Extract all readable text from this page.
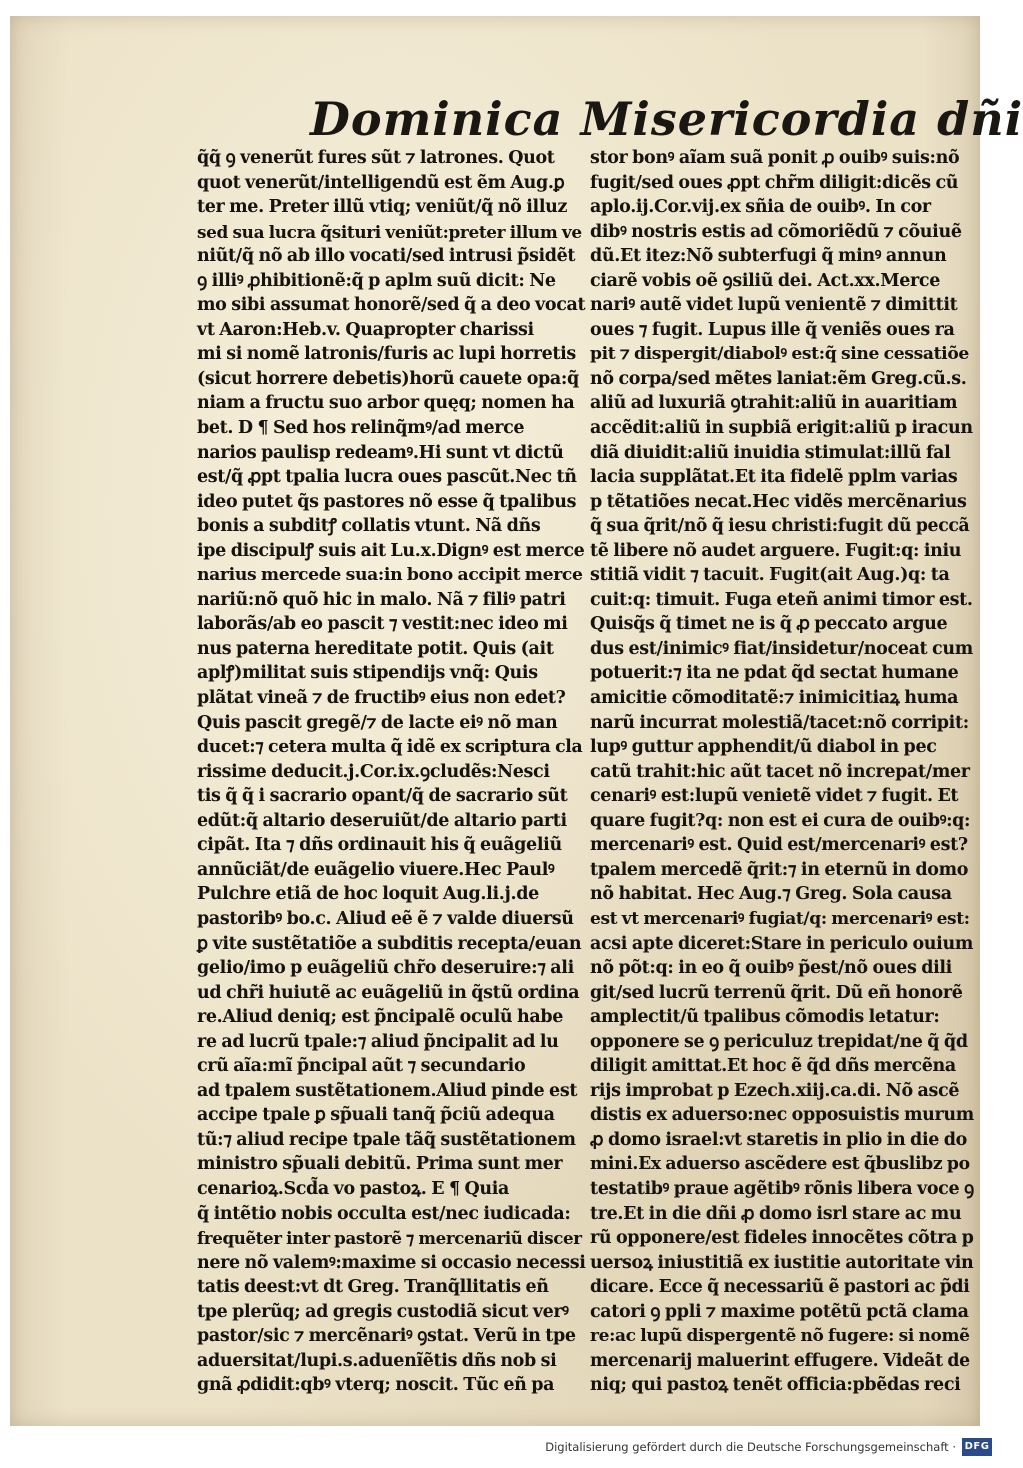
Dominica Misericordia dñi
q̃q̃ ꝯ venerũt fures sũt ⁊ latrones. Quot
quot venerũt/intelligendũ est ẽm Aug.ꝑ
ter me. Preter illũ vtiq; veniũt/q̃ nõ illuz
sed sua lucra q̃situri veniũt:preter illum ve
niũt/q̃ nõ ab illo vocati/sed intrusi p̃sidẽt
ꝯ illiꝰ ꝓhibitionẽ:q̃ p aplm suũ dicit: Ne
mo sibi assumat honorẽ/sed q̃ a deo vocat
vt Aaron:Heb.v. Quapropter charissi
mi si nomẽ latronis/furis ac lupi horretis
(sicut horrere debetis)horũ cauete opa:q̃
niam a fructu suo arbor quęq; nomen ha
bet. D ¶ Sed hos relinq̃mꝰ/ad merce
narios paulisp redeamꝰ.Hi sunt vt dictũ
est/q̃ ꝓpt tpalia lucra oues pascũt.Nec tñ
ideo putet q̃s pastores nõ esse q̃ tpalibus
bonis a subditꝭ collatis vtunt. Nã dñs
ipe discipulꝭ suis ait Lu.x.Dignꝰ est merce
narius mercede sua:in bono accipit merce
nariũ:nõ quõ hic in malo. Nã ⁊ filiꝰ patri
laborãs/ab eo pascit ⁊ vestit:nec ideo mi
nus paterna hereditate potit. Quis (ait
aplꝭ)militat suis stipendijs vnq̃: Quis
plãtat vineã ⁊ de fructibꝰ eius non edet?
Quis pascit gregẽ/⁊ de lacte eiꝰ nõ man
ducet:⁊ cetera multa q̃ idẽ ex scriptura cla
rissime deducit.j.Cor.ix.ꝯcludẽs:Nesci
tis q̃ q̃ i sacrario opant/q̃ de sacrario sũt
edũt:q̃ altario deseruiũt/de altario parti
cipãt. Ita ⁊ dñs ordinauit his q̃ euãgeliũ
annũciãt/de euãgelio viuere.Hec Paulꝰ
Pulchre etiã de hoc loquit Aug.li.j.de
pastoribꝰ bo.c. Aliud eẽ ẽ ⁊ valde diuersũ
ꝑ vite sustẽtatiõe a subditis recepta/euan
gelio/imo p euãgeliũ chr̃o deseruire:⁊ ali
ud chr̃i huiutẽ ac euãgeliũ in q̃stũ ordina
re.Aliud deniq; est p̃ncipalẽ oculũ habe
re ad lucrũ tpale:⁊ aliud p̃ncipalit ad lu
crũ aĩa:mĩ p̃ncipal aũt ⁊ secundario
ad tpalem sustẽtationem.Aliud pinde est
accipe tpale ꝑ sp̃uali tanq̃ p̃ciũ adequa
tũ:⁊ aliud recipe tpale tãq̃ sustẽtationem
ministro sp̃uali debitũ. Prima sunt mer
cenarioꝝ.Scd̃a vo pastoꝝ. E ¶ Quia
q̃ intẽtio nobis occulta est/nec iudicada:
frequẽter inter pastorẽ ⁊ mercenariũ discer
nere nõ valemꝰ:maxime si occasio necessi
tatis deest:vt dt Greg. Tranq̃llitatis eñ
tpe plerũq; ad gregis custodiã sicut verꝰ
pastor/sic ⁊ mercẽnariꝰ ꝯstat. Verũ in tpe
aduersitat/lupi.s.aduenĩẽtis dñs nob si
gnã ꝓdidit:qbꝰ vterq; noscit. Tũc eñ pa
stor bonꝰ aĩam suã ponit ꝓ ouibꝰ suis:nõ
fugit/sed oues ꝓpt chr̃m diligit:dicẽs cũ
aplo.ij.Cor.vij.ex sñia de ouibꝰ. In cor
dibꝰ nostris estis ad cõmoriẽdũ ⁊ cõuiuẽ
dũ.Et itez:Nõ subterfugi q̃ minꝰ annun
ciarẽ vobis oẽ ꝯsiliũ dei. Act.xx.Merce
nariꝰ autẽ videt lupũ venientẽ ⁊ dimittit
oues ⁊ fugit. Lupus ille q̃ veniẽs oues ra
pit ⁊ dispergit/diabolꝰ est:q̃ sine cessatiõe
nõ corpa/sed mẽtes laniat:ẽm Greg.cũ.s.
aliũ ad luxuriã ꝯtrahit:aliũ in auaritiam
accẽdit:aliũ in supbiã erigit:aliũ p iracun
diã diuidit:aliũ inuidia stimulat:illũ fal
lacia supplãtat.Et ita fidelẽ pplm varias
p tẽtatiões necat.Hec vidẽs mercẽnarius
q̃ sua q̃rit/nõ q̃ iesu christi:fugit dũ peccã
tẽ libere nõ audet arguere. Fugit:q: iniu
stitiã vidit ⁊ tacuit. Fugit(ait Aug.)q: ta
cuit:q: timuit. Fuga eteñ animi timor est.
Quisq̃s q̃ timet ne is q̃ ꝓ peccato argue
dus est/inimicꝰ fiat/insidetur/noceat cum
potuerit:⁊ ita ne pdat q̃d sectat humane
amicitie cõmoditatẽ:⁊ inimicitiaꝝ huma
narũ incurrat molestiã/tacet:nõ corripit:
lupꝰ guttur apphendit/ũ diabol in pec
catũ trahit:hic aũt tacet nõ increpat/mer
cenariꝰ est:lupũ venietẽ videt ⁊ fugit. Et
quare fugit?q: non est ei cura de ouibꝰ:q:
mercenariꝰ est. Quid est/mercenariꝰ est?
tpalem mercedẽ q̃rit:⁊ in eternũ in domo
nõ habitat. Hec Aug.⁊ Greg. Sola causa
est vt mercenariꝰ fugiat/q: mercenariꝰ est:
acsi apte diceret:Stare in periculo ouium
nõ põt:q: in eo q̃ ouibꝰ p̃est/nõ oues dili
git/sed lucrũ terrenũ q̃rit. Dũ eñ honorẽ
amplectit/ũ tpalibus cõmodis letatur:
opponere se ꝯ periculuz trepidat/ne q̃ q̃d
diligit amittat.Et hoc ẽ q̃d dñs mercẽna
rijs improbat p Ezech.xiij.ca.di. Nõ ascẽ
distis ex aduerso:nec opposuistis murum
ꝓ domo israel:vt staretis in plio in die do
mini.Ex aduerso ascẽdere est q̃buslibz po
testatibꝰ praue agẽtibꝰ rõnis libera voce ꝯ
tre.Et in die dñi ꝓ domo isrl stare ac mu
rũ opponere/est fideles innocẽtes cõtra p
uersoꝝ iniustitiã ex iustitie autoritate vin
dicare. Ecce q̃ necessariũ ẽ pastori ac p̃di
catori ꝯ ppli ⁊ maxime potẽtũ pctã clama
re:ac lupũ dispergentẽ nõ fugere: si nomẽ
mercenarij maluerint effugere. Videãt de
niq; qui pastoꝝ tenẽt officia:pbẽdas reci
Digitalisierung gefördert durch die Deutsche Forschungsgemeinschaft · DFG
